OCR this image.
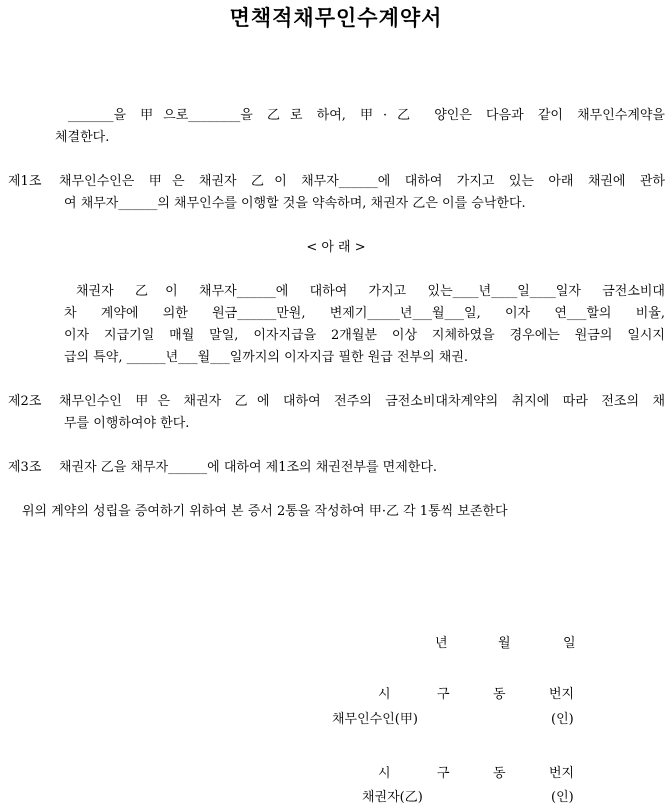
면책적채무인수계약서
_______을 甲으로________을 乙로 하여, 甲·乙 양인은 다음과 같이 채무인수계약을
체결한다.
제1조 채무인수인은 甲은 채권자 乙이 채무자______에 대하여 가지고 있는 아래 채권에 관하
여 채무자______의 채무인수를 이행할 것을 약속하며, 채권자 乙은 이를 승낙한다.
< 아 래 >
채권자 乙이 채무자______에 대하여 가지고 있는____년____일____일자 금전소비대
차 계약에 의한 원금______만원, 변제기_____년___월___일, 이자 연___할의 비율,
이자 지급기일 매월 말일, 이자지급을 2개월분 이상 지체하였을 경우에는 원금의 일시지
급의 특약, ______년___월___일까지의 이자지급 필한 원급 전부의 채권.
제2조 채무인수인 甲은 채권자 乙에 대하여 전주의 금전소비대차계약의 취지에 따라 전조의 채
무를 이행하여야 한다.
제3조 채권자 乙을 채무자______에 대하여 제1조의 채권전부를 면제한다.
위의 계약의 성립을 증여하기 위하여 본 증서 2통을 작성하여 甲·乙 각 1통씩 보존한다
년	월	일
시	구	동	번지
채무인수인(甲)	(인)
시	구	동	번지
채권자(乙)	(인)
